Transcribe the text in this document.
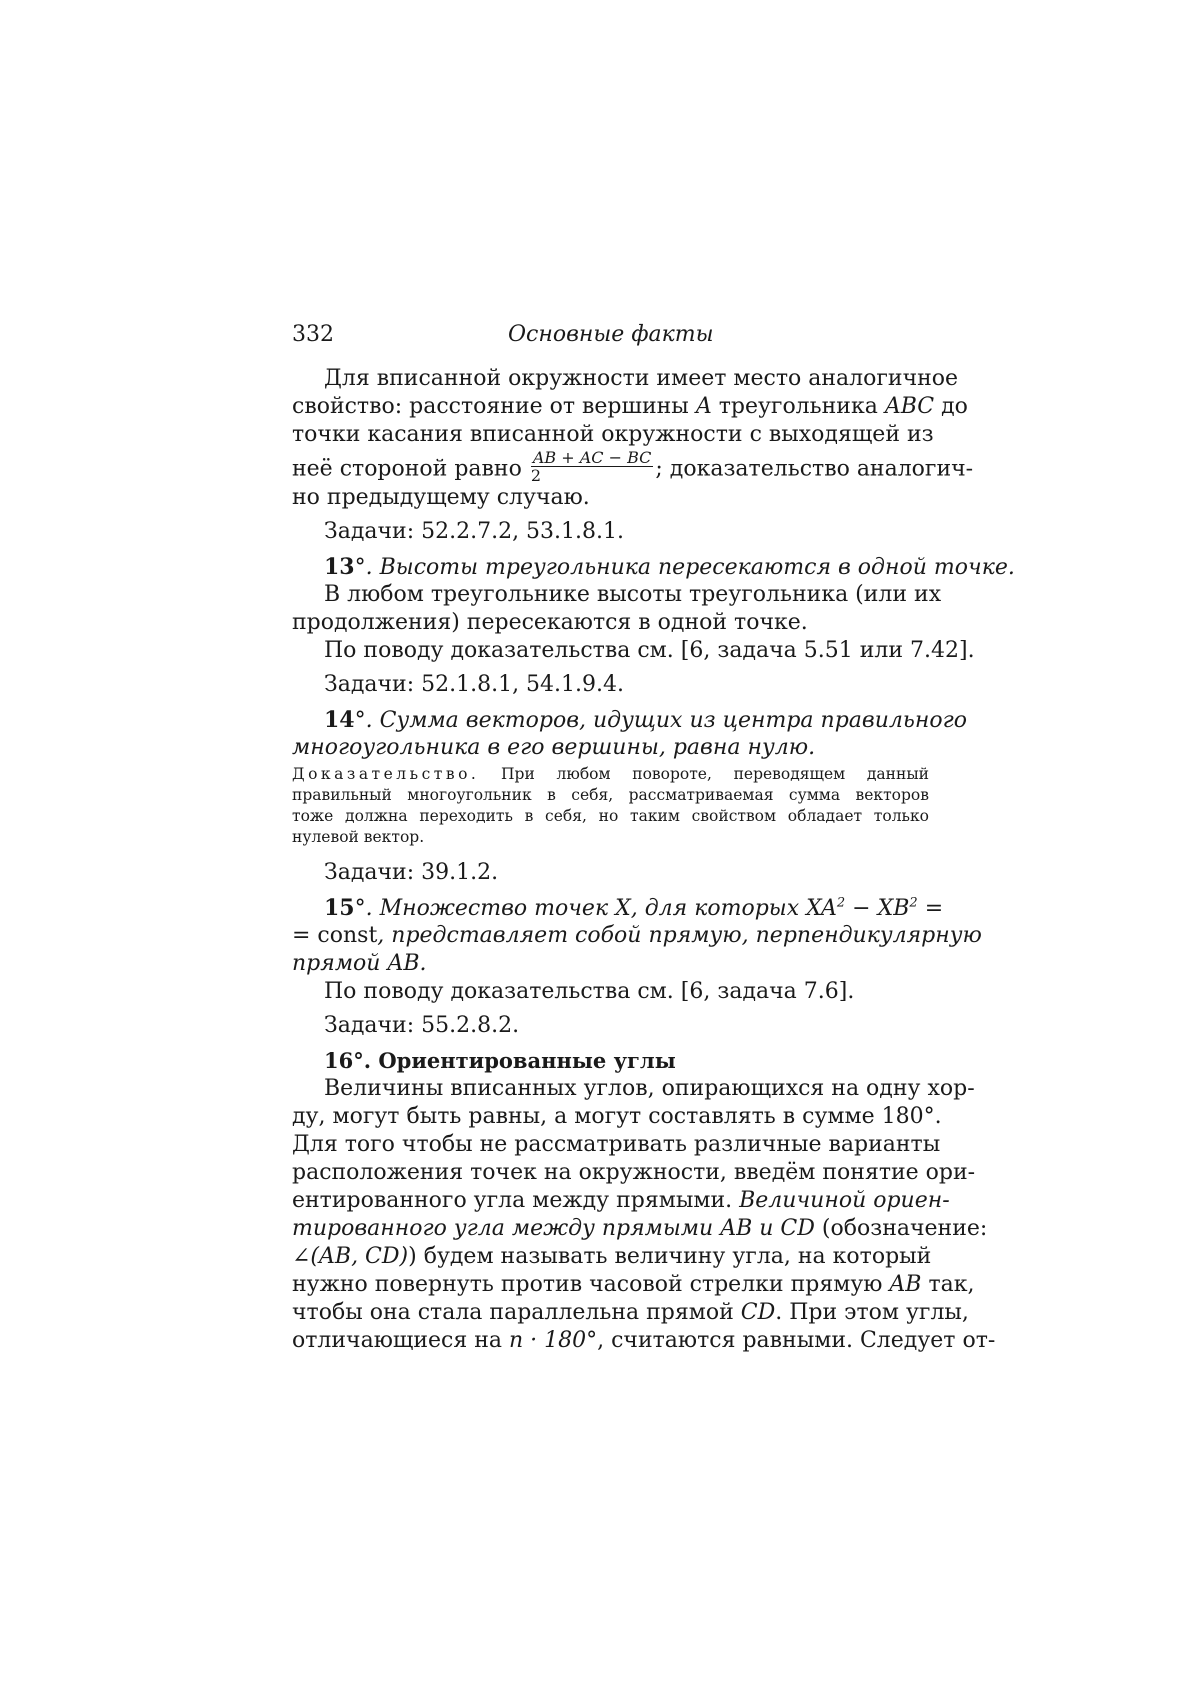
332	Основные факты
Для вписанной окружности имеет место аналогичное
свойство: расстояние от вершины A треугольника ABC до
точки касания вписанной окружности с выходящей из
неё стороной равно AB + AC − BC
2	; доказательство аналогич-
но предыдущему случаю.
Задачи: 52.2.7.2, 53.1.8.1.
13°. Высоты треугольника пересекаются в одной точке.
В любом треугольнике высоты треугольника (или их
продолжения) пересекаются в одной точке.
По поводу доказательства см. [6, задача 5.51 или 7.42].
Задачи: 52.1.8.1, 54.1.9.4.
14°. Сумма векторов, идущих из центра правильного
многоугольника в его вершины, равна нулю.
Доказательство. При любом повороте, переводящем данный
правильный многоугольник в себя, рассматриваемая сумма векторов
тоже должна переходить в себя, но таким свойством обладает только
нулевой вектор.
Задачи: 39.1.2.
15°. Множество точек X, для которых XA2 − XB2 =
= const, представляет собой прямую, перпендикулярную
прямой AB.
По поводу доказательства см. [6, задача 7.6].
Задачи: 55.2.8.2.
16°. Ориентированные углы
Величины вписанных углов, опирающихся на одну хор-
ду, могут быть равны, а могут составлять в сумме 180°.
Для того чтобы не рассматривать различные варианты
расположения точек на окружности, введём понятие ори-
ентированного угла между прямыми. Величиной ориен-
тированного угла между прямыми AB и CD (обозначение:
∠(AB, CD)) будем называть величину угла, на который
нужно повернуть против часовой стрелки прямую AB так,
чтобы она стала параллельна прямой CD. При этом углы,
отличающиеся на n · 180°, считаются равными. Следует от-
